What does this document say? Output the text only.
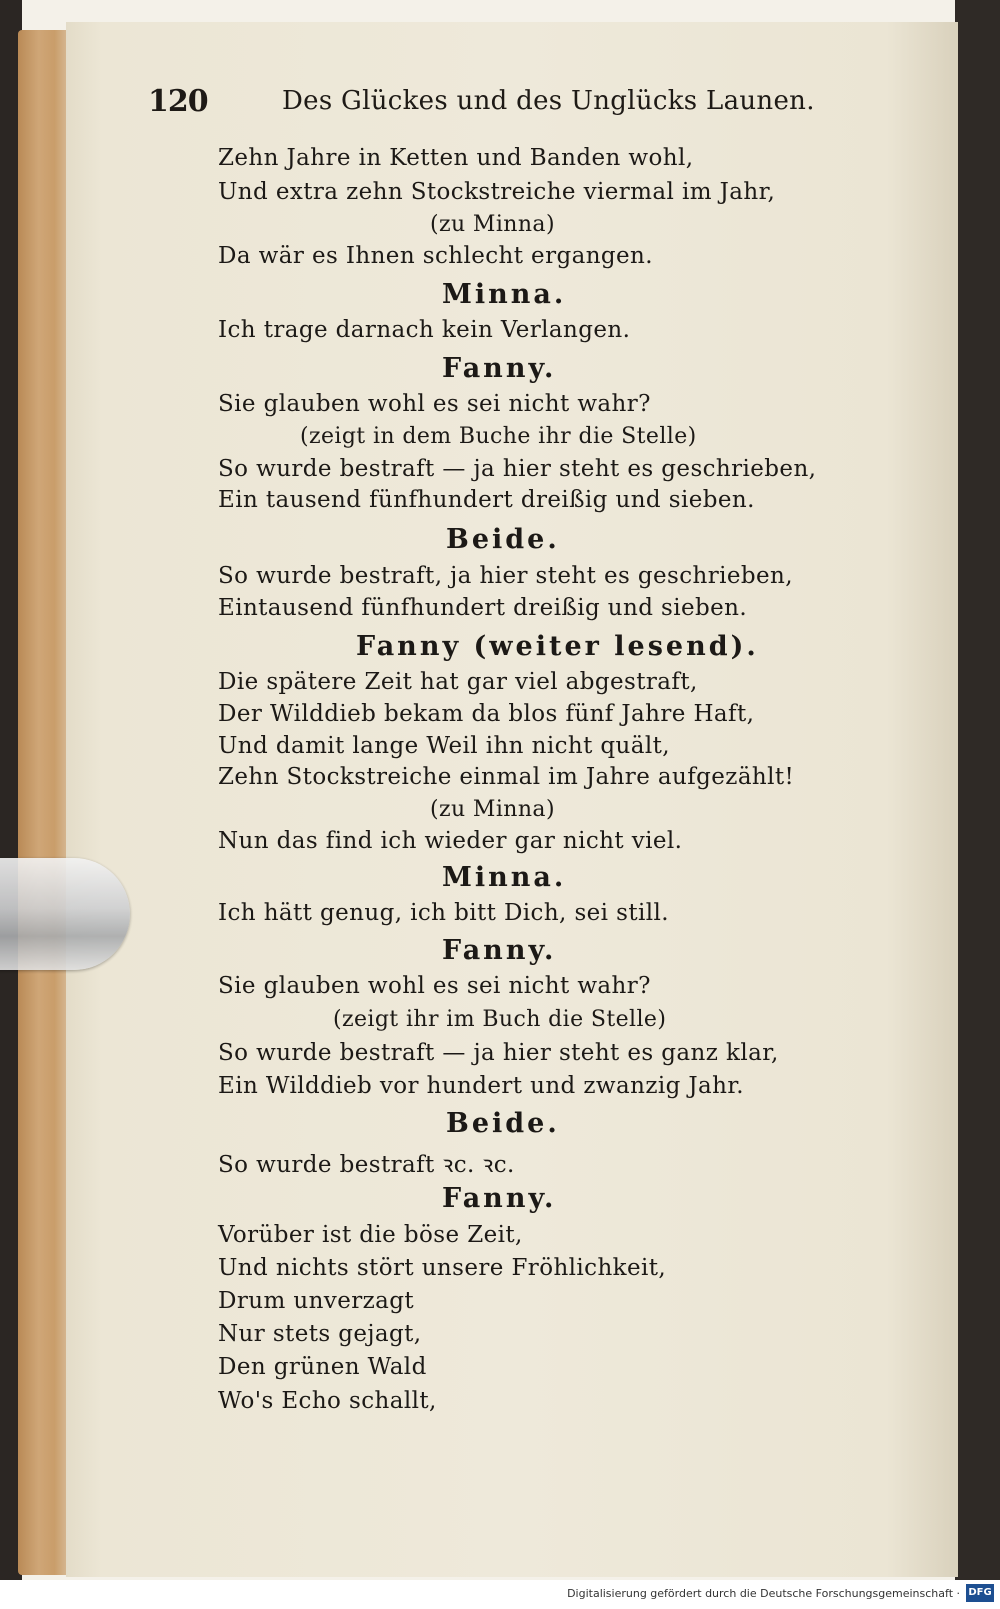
120	Des Glückes und des Unglücks Launen.
Zehn Jahre in Ketten und Banden wohl,
Und extra zehn Stockstreiche viermal im Jahr,
(zu Minna)
Da wär es Ihnen schlecht ergangen.
Minna.
Ich trage darnach kein Verlangen.
Fanny.
Sie glauben wohl es sei nicht wahr?
(zeigt in dem Buche ihr die Stelle)
So wurde bestraft — ja hier steht es geschrieben,
Ein tausend fünfhundert dreißig und sieben.
Beide.
So wurde bestraft, ja hier steht es geschrieben,
Eintausend fünfhundert dreißig und sieben.
Fanny (weiter lesend).
Die spätere Zeit hat gar viel abgestraft,
Der Wilddieb bekam da blos fünf Jahre Haft,
Und damit lange Weil ihn nicht quält,
Zehn Stockstreiche einmal im Jahre aufgezählt!
(zu Minna)
Nun das find ich wieder gar nicht viel.
Minna.
Ich hätt genug, ich bitt Dich, sei still.
Fanny.
Sie glauben wohl es sei nicht wahr?
(zeigt ihr im Buch die Stelle)
So wurde bestraft — ja hier steht es ganz klar,
Ein Wilddieb vor hundert und zwanzig Jahr.
Beide.
So wurde bestraft ꝛc. ꝛc.
Fanny.
Vorüber ist die böse Zeit,
Und nichts stört unsere Fröhlichkeit,
Drum unverzagt
Nur stets gejagt,
Den grünen Wald
Wo's Echo schallt,
Digitalisierung gefördert durch die Deutsche Forschungsgemeinschaft · DFG
